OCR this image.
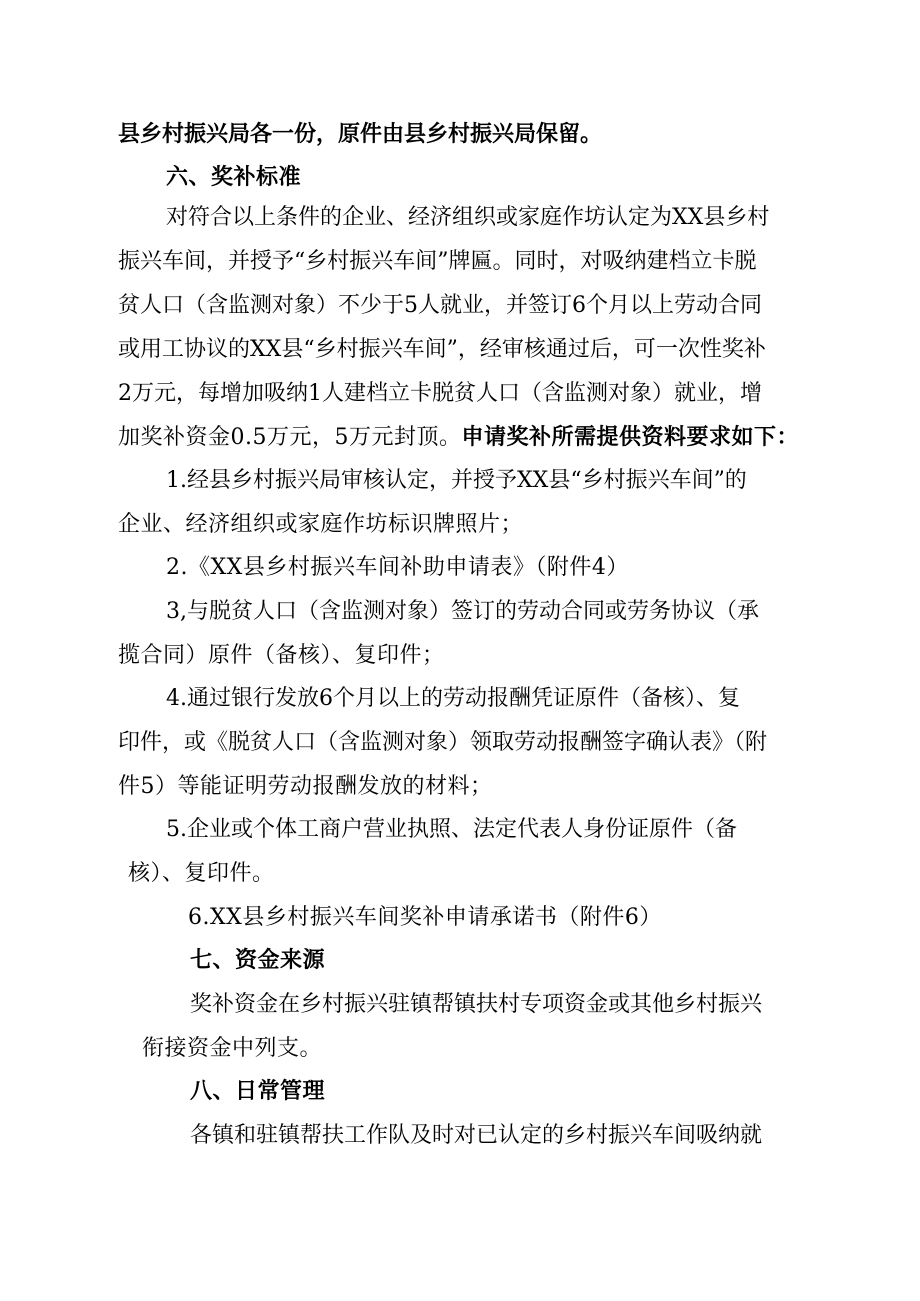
县乡村振兴局各一份，原件由县乡村振兴局保留。
六、奖补标准
对符合以上条件的企业、经济组织或家庭作坊认定为XX县乡村
振兴车间，并授予“乡村振兴车间”牌匾。同时，对吸纳建档立卡脱
贫人口（含监测对象）不少于5人就业，并签订6个月以上劳动合同
或用工协议的XX县“乡村振兴车间”，经审核通过后，可一次性奖补
2万元，每增加吸纳1人建档立卡脱贫人口（含监测对象）就业，增
加奖补资金0.5万元，5万元封顶。申请奖补所需提供资料要求如下：
1.经县乡村振兴局审核认定，并授予XX县“乡村振兴车间”的
企业、经济组织或家庭作坊标识牌照片；
2.《XX县乡村振兴车间补助申请表》（附件4）
3,与脱贫人口（含监测对象）签订的劳动合同或劳务协议（承
揽合同）原件（备核）、复印件；
4.通过银行发放6个月以上的劳动报酬凭证原件（备核）、复
印件，或《脱贫人口（含监测对象）领取劳动报酬签字确认表》（附
件5）等能证明劳动报酬发放的材料；
5.企业或个体工商户营业执照、法定代表人身份证原件（备
核）、复印件。
6.XX县乡村振兴车间奖补申请承诺书（附件6）
七、资金来源
奖补资金在乡村振兴驻镇帮镇扶村专项资金或其他乡村振兴
衔接资金中列支。
八、日常管理
各镇和驻镇帮扶工作队及时对已认定的乡村振兴车间吸纳就
